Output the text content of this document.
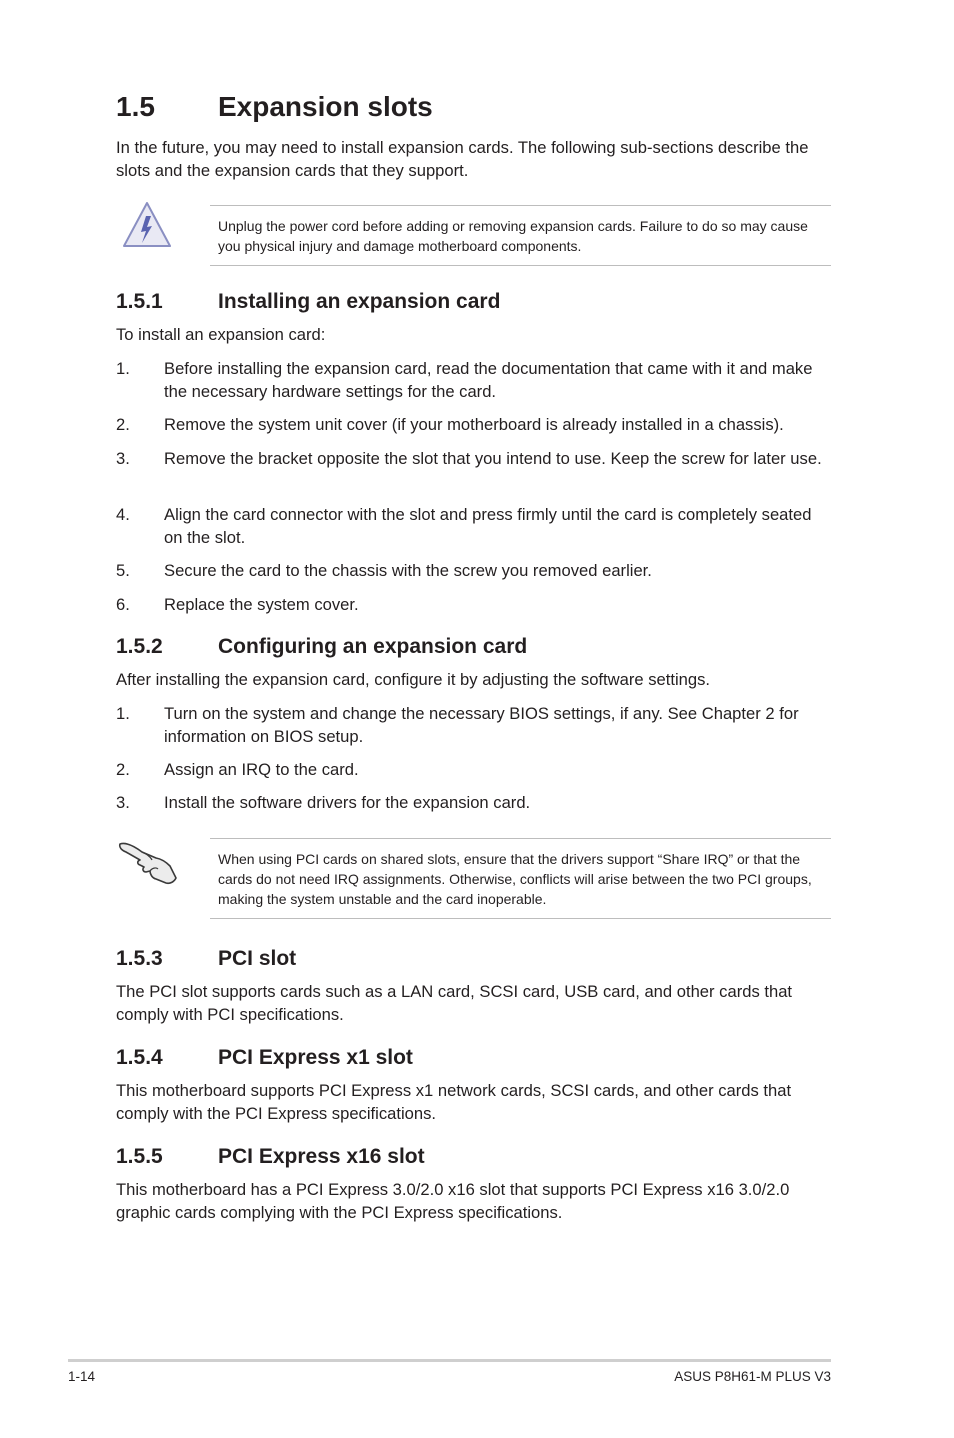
1.5 Expansion slots
In the future, you may need to install expansion cards. The following sub-sections describe the slots and the expansion cards that they support.
Unplug the power cord before adding or removing expansion cards. Failure to do so may cause you physical injury and damage motherboard components.
1.5.1	Installing an expansion card
To install an expansion card:
1. Before installing the expansion card, read the documentation that came with it and make the necessary hardware settings for the card.
2. Remove the system unit cover (if your motherboard is already installed in a chassis).
3. Remove the bracket opposite the slot that you intend to use. Keep the screw for later use.
4. Align the card connector with the slot and press firmly until the card is completely seated on the slot.
5. Secure the card to the chassis with the screw you removed earlier.
6. Replace the system cover.
1.5.2	Configuring an expansion card
After installing the expansion card, configure it by adjusting the software settings.
1. Turn on the system and change the necessary BIOS settings, if any. See Chapter 2 for information on BIOS setup.
2. Assign an IRQ to the card.
3. Install the software drivers for the expansion card.
When using PCI cards on shared slots, ensure that the drivers support “Share IRQ” or that the cards do not need IRQ assignments. Otherwise, conflicts will arise between the two PCI groups, making the system unstable and the card inoperable.
1.5.3	PCI slot
The PCI slot supports cards such as a LAN card, SCSI card, USB card, and other cards that comply with PCI specifications.
1.5.4	PCI Express x1 slot
This motherboard supports PCI Express x1 network cards, SCSI cards, and other cards that comply with the PCI Express specifications.
1.5.5	PCI Express x16 slot
This motherboard has a PCI Express 3.0/2.0 x16 slot that supports PCI Express x16 3.0/2.0 graphic cards complying with the PCI Express specifications.
1-14	ASUS P8H61-M PLUS V3
